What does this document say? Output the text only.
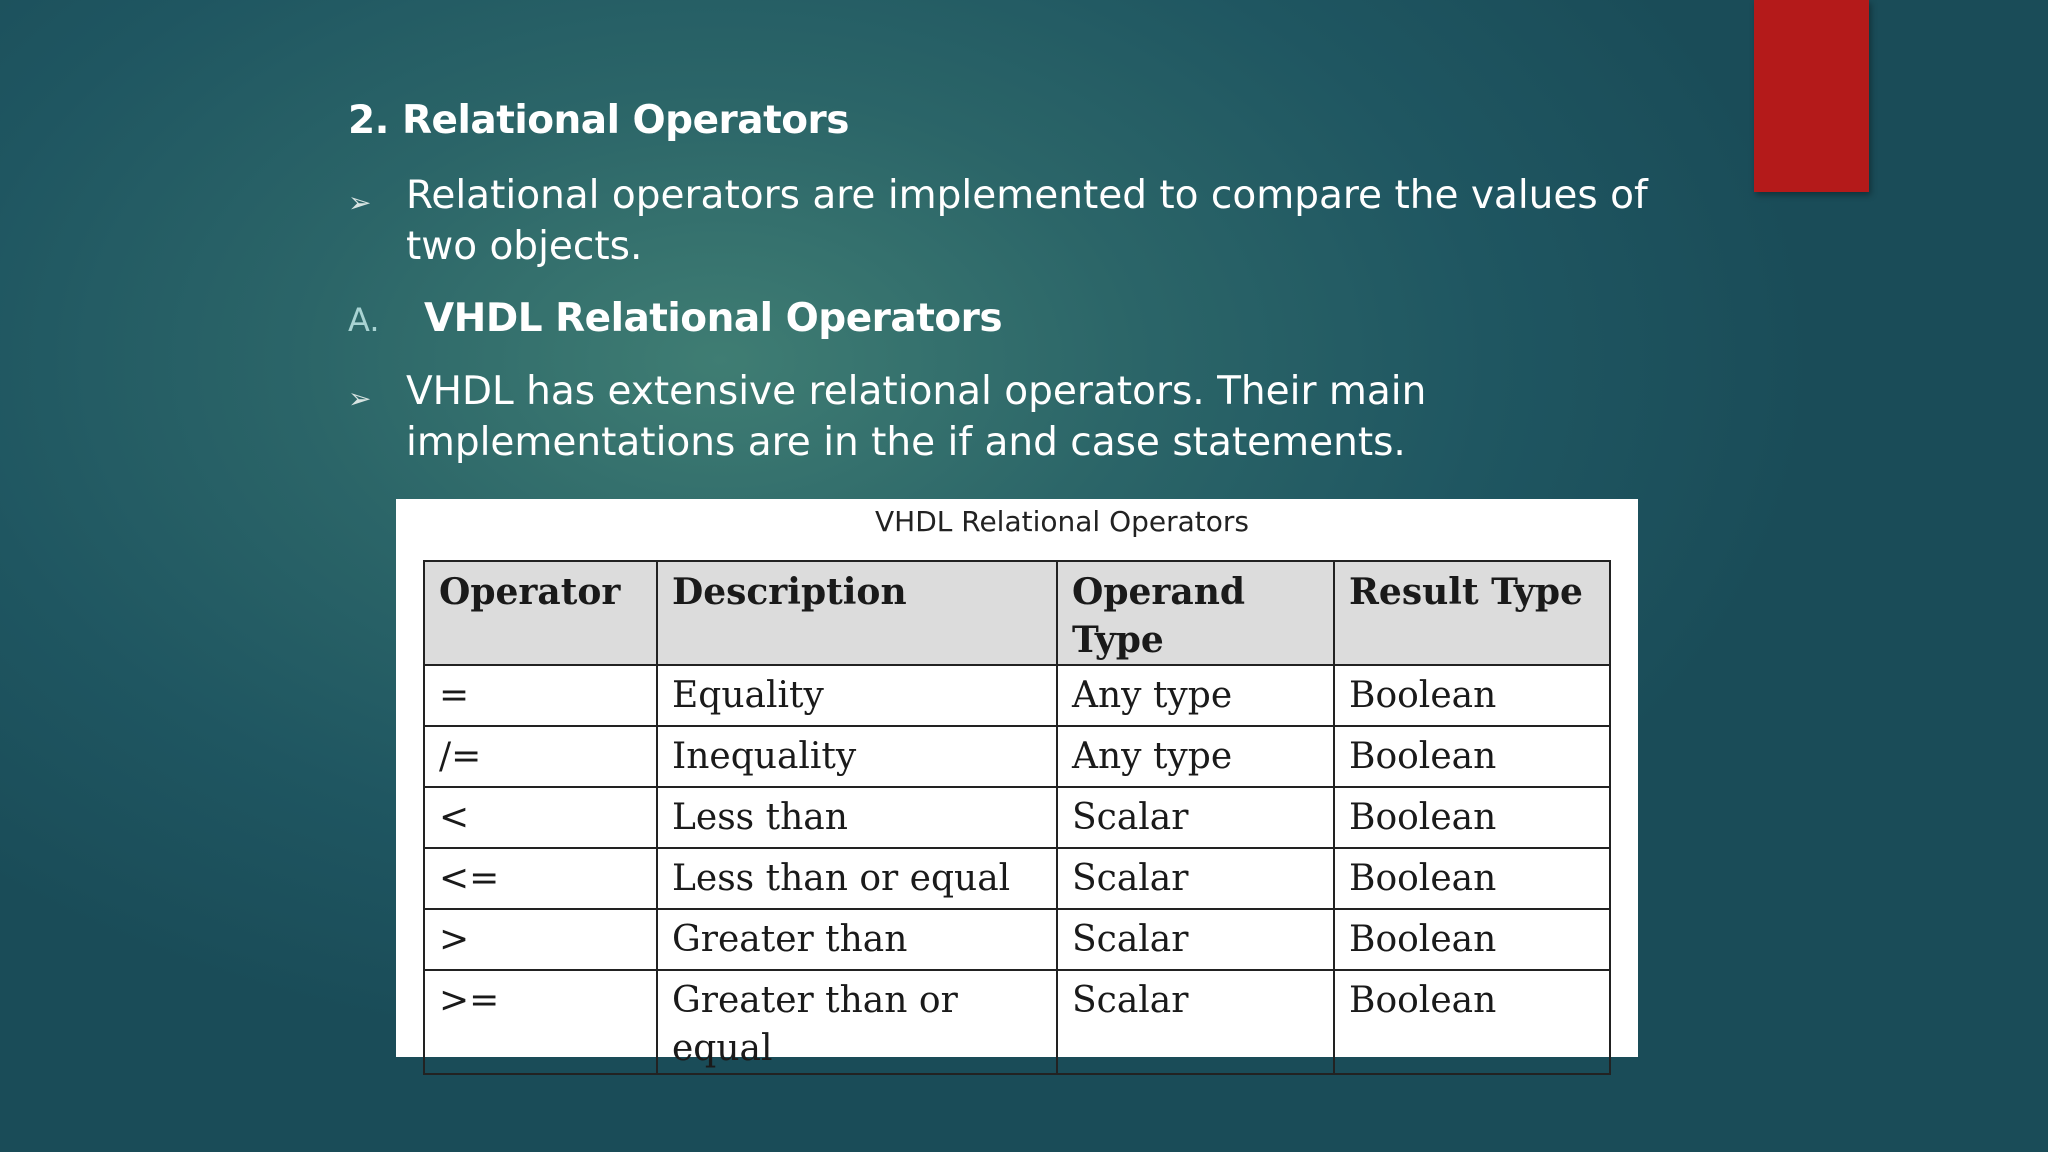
2. Relational Operators
➢ Relational operators are implemented to compare the values of two objects.
A. VHDL Relational Operators
➢ VHDL has extensive relational operators. Their main implementations are in the if and case statements.
VHDL Relational Operators
Operator	Description	Operand Type	Result Type
=	Equality	Any type	Boolean
/=	Inequality	Any type	Boolean
<	Less than	Scalar	Boolean
<=	Less than or equal	Scalar	Boolean
>	Greater than	Scalar	Boolean
>=	Greater than or equal	Scalar	Boolean
